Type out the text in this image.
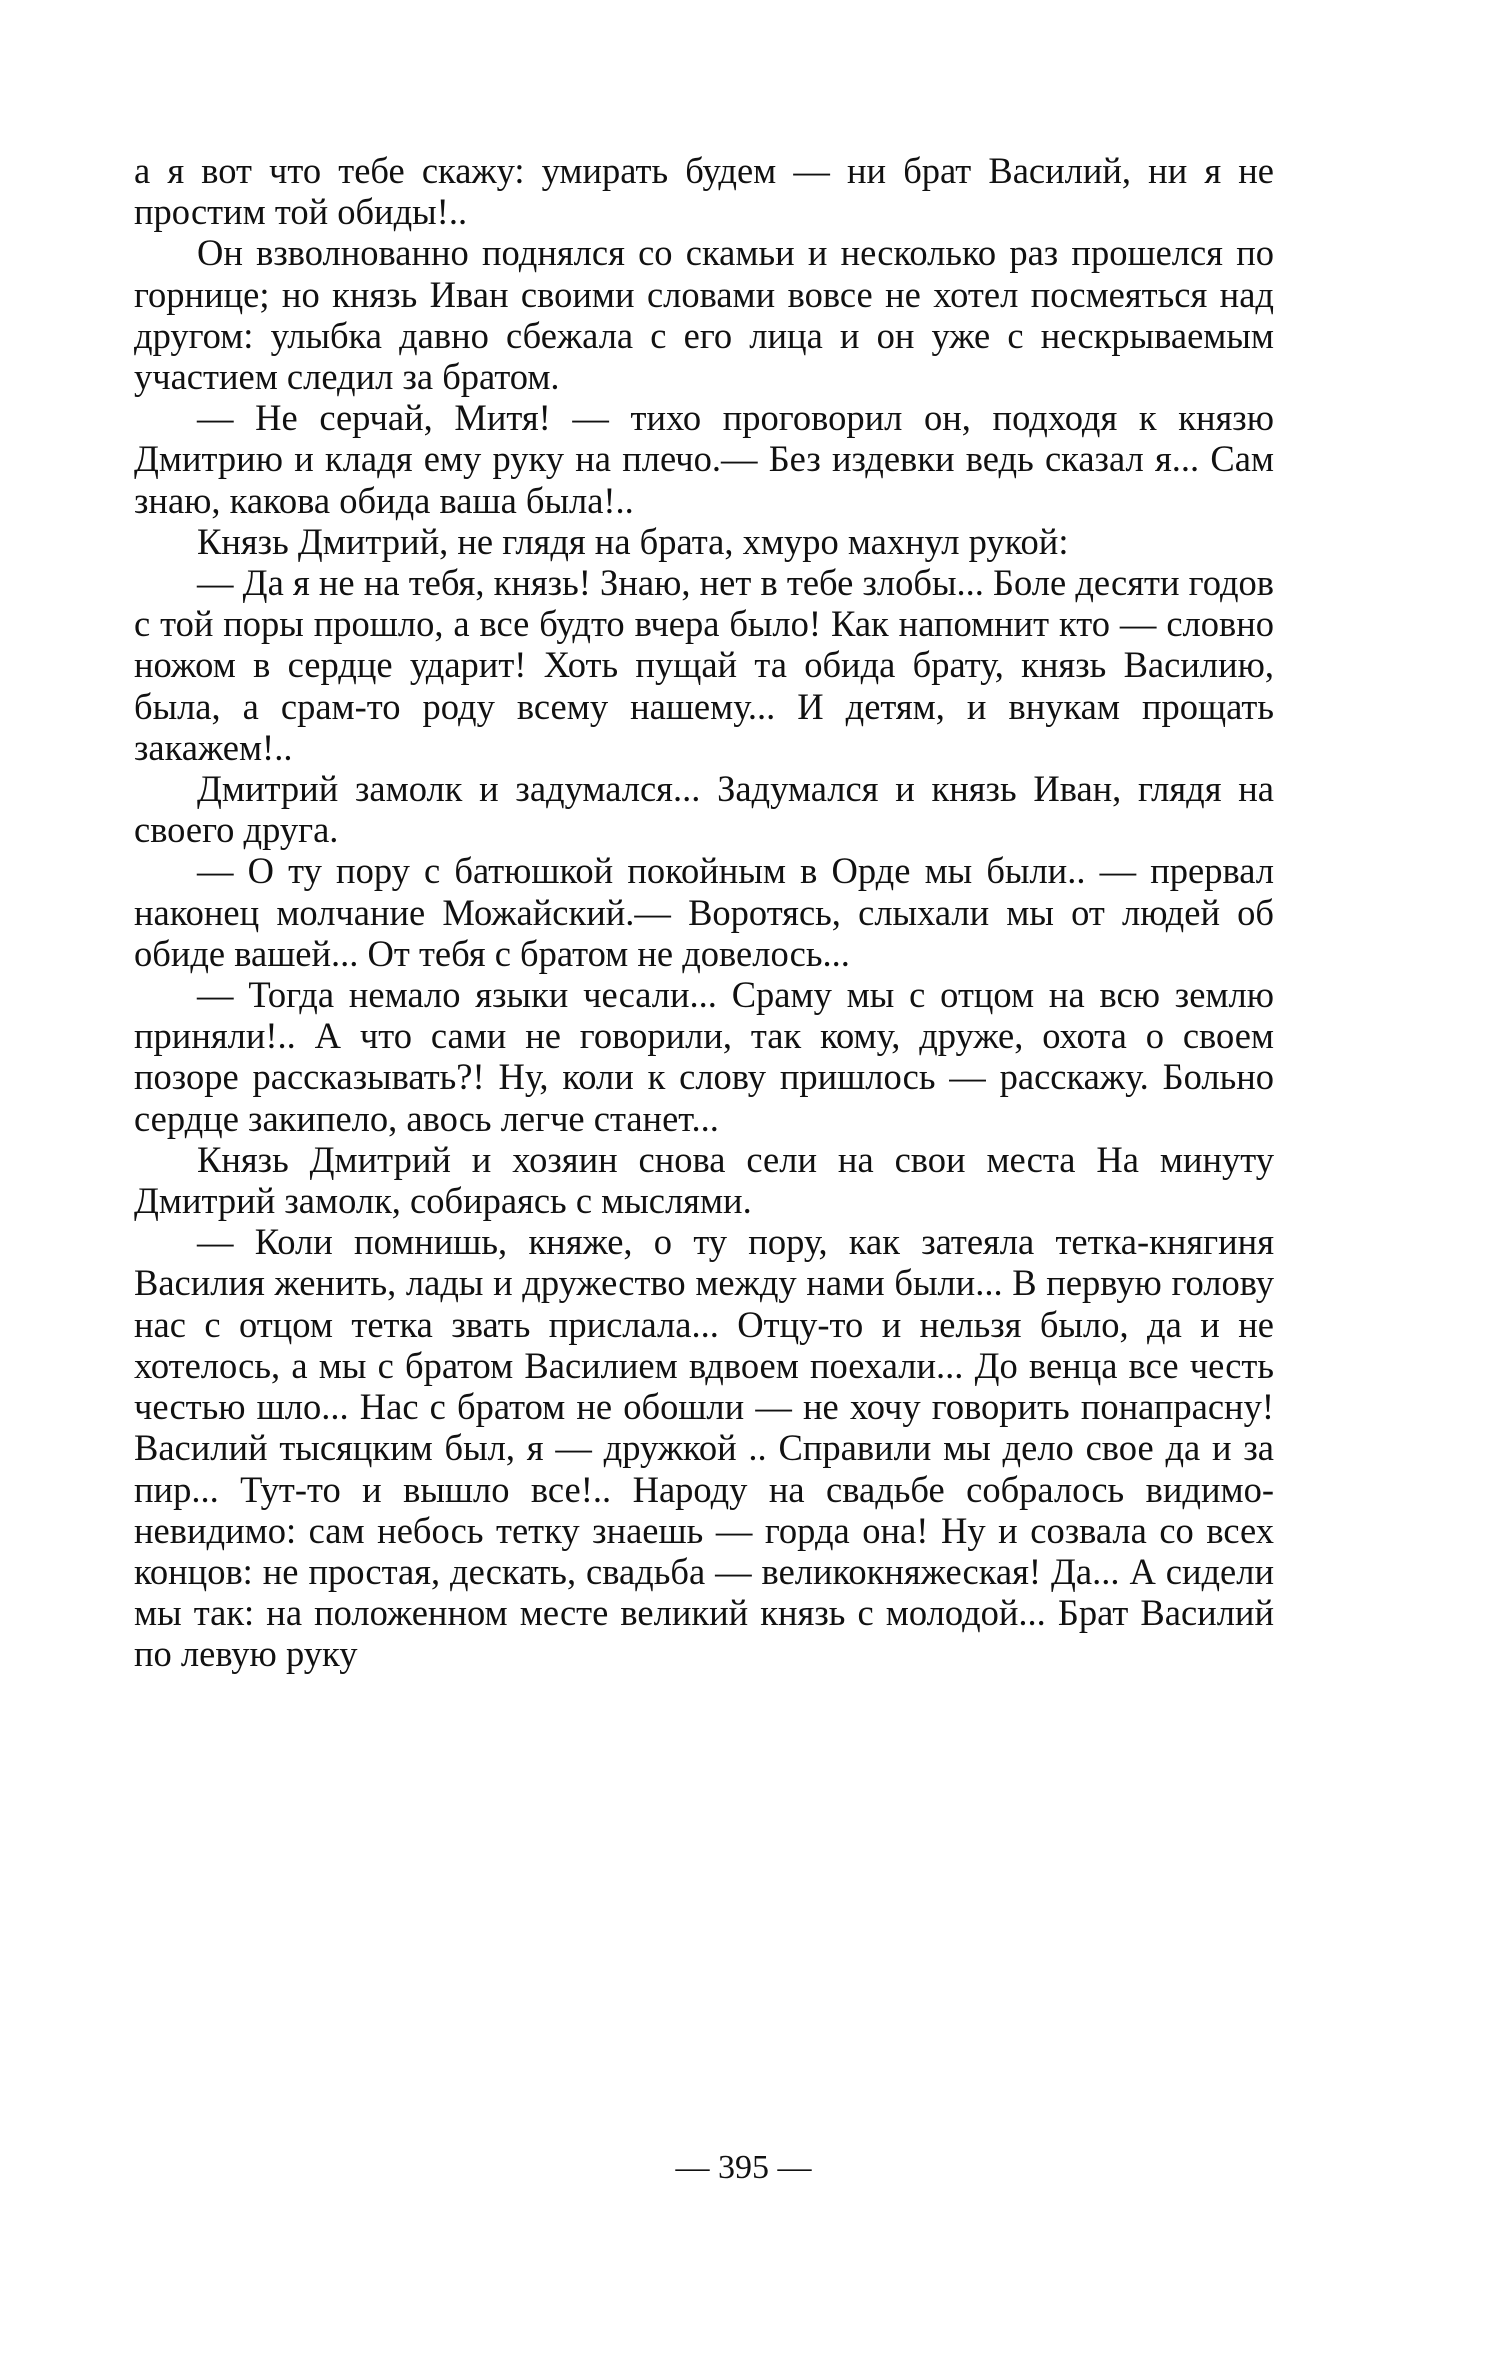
а я вот что тебе скажу: умирать будем — ни брат Василий, ни я не простим той обиды!..

Он взволнованно поднялся со скамьи и несколько раз прошелся по горнице; но князь Иван своими словами вовсе не хотел посмеяться над другом: улыбка давно сбежала с его лица и он уже с нескрываемым участием следил за братом.

— Не серчай, Митя! — тихо проговорил он, подходя к князю Дмитрию и кладя ему руку на плечо.— Без издевки ведь сказал я... Сам знаю, какова обида ваша была!..

Князь Дмитрий, не глядя на брата, хмуро махнул рукой:

— Да я не на тебя, князь! Знаю, нет в тебе злобы... Боле десяти годов с той поры прошло, а все будто вчера было! Как напомнит кто — словно ножом в сердце ударит! Хоть пущай та обида брату, князь Василию, была, а срам-то роду всему нашему... И детям, и внукам прощать закажем!..

Дмитрий замолк и задумался... Задумался и князь Иван, глядя на своего друга.

— О ту пору с батюшкой покойным в Орде мы были.. — прервал наконец молчание Можайский.— Воротясь, слыхали мы от людей об обиде вашей... От тебя с братом не довелось...

— Тогда немало языки чесали... Сраму мы с отцом на всю землю приняли!.. А что сами не говорили, так кому, друже, охота о своем позоре рассказывать?! Ну, коли к слову пришлось — расскажу. Больно сердце закипело, авось легче станет...

Князь Дмитрий и хозяин снова сели на свои места На минуту Дмитрий замолк, собираясь с мыслями.

— Коли помнишь, княже, о ту пору, как затеяла тетка-княгиня Василия женить, лады и дружество между нами были... В первую голову нас с отцом тетка звать прислала... Отцу-то и нельзя было, да и не хотелось, а мы с братом Василием вдвоем поехали... До венца все честь честью шло... Нас с братом не обошли — не хочу говорить понапрасну! Василий тысяцким был, я — дружкой .. Справили мы дело свое да и за пир... Тут-то и вышло все!.. Народу на свадьбе собралось видимо-невидимо: сам небось тетку знаешь — горда она! Ну и созвала со всех концов: не простая, дескать, свадьба — великокняжеская! Да... А сидели мы так: на положенном месте великий князь с молодой... Брат Василий по левую руку

— 395 —
